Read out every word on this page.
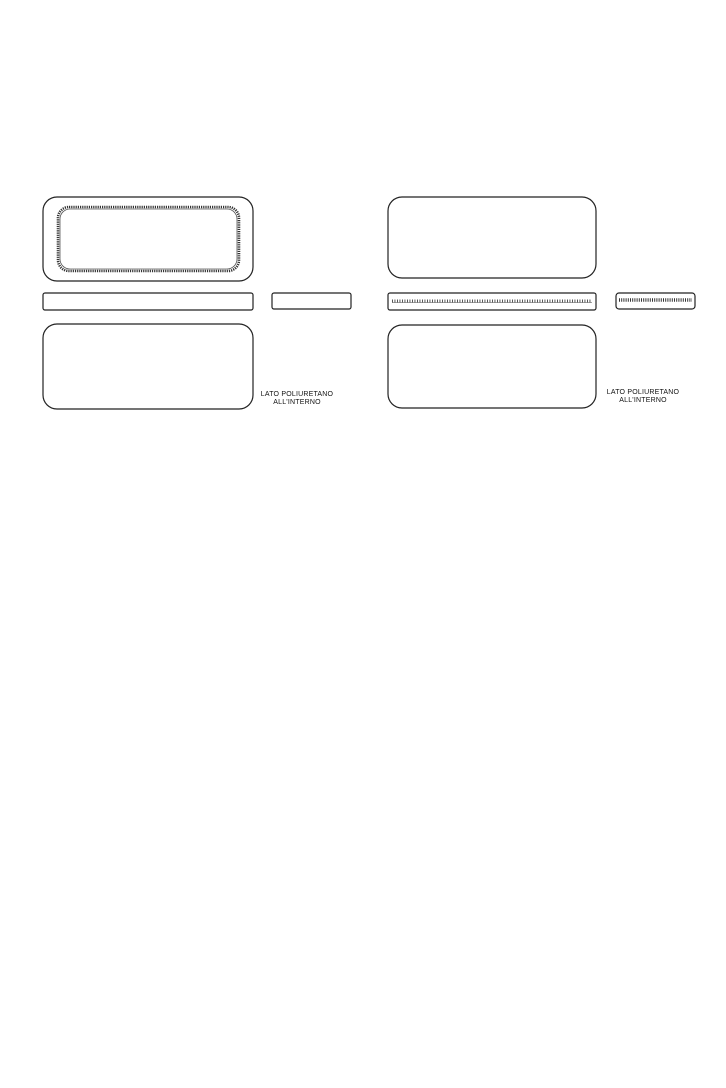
LATO POLIURETANO
ALL'INTERNO
LATO POLIURETANO
ALL'INTERNO
